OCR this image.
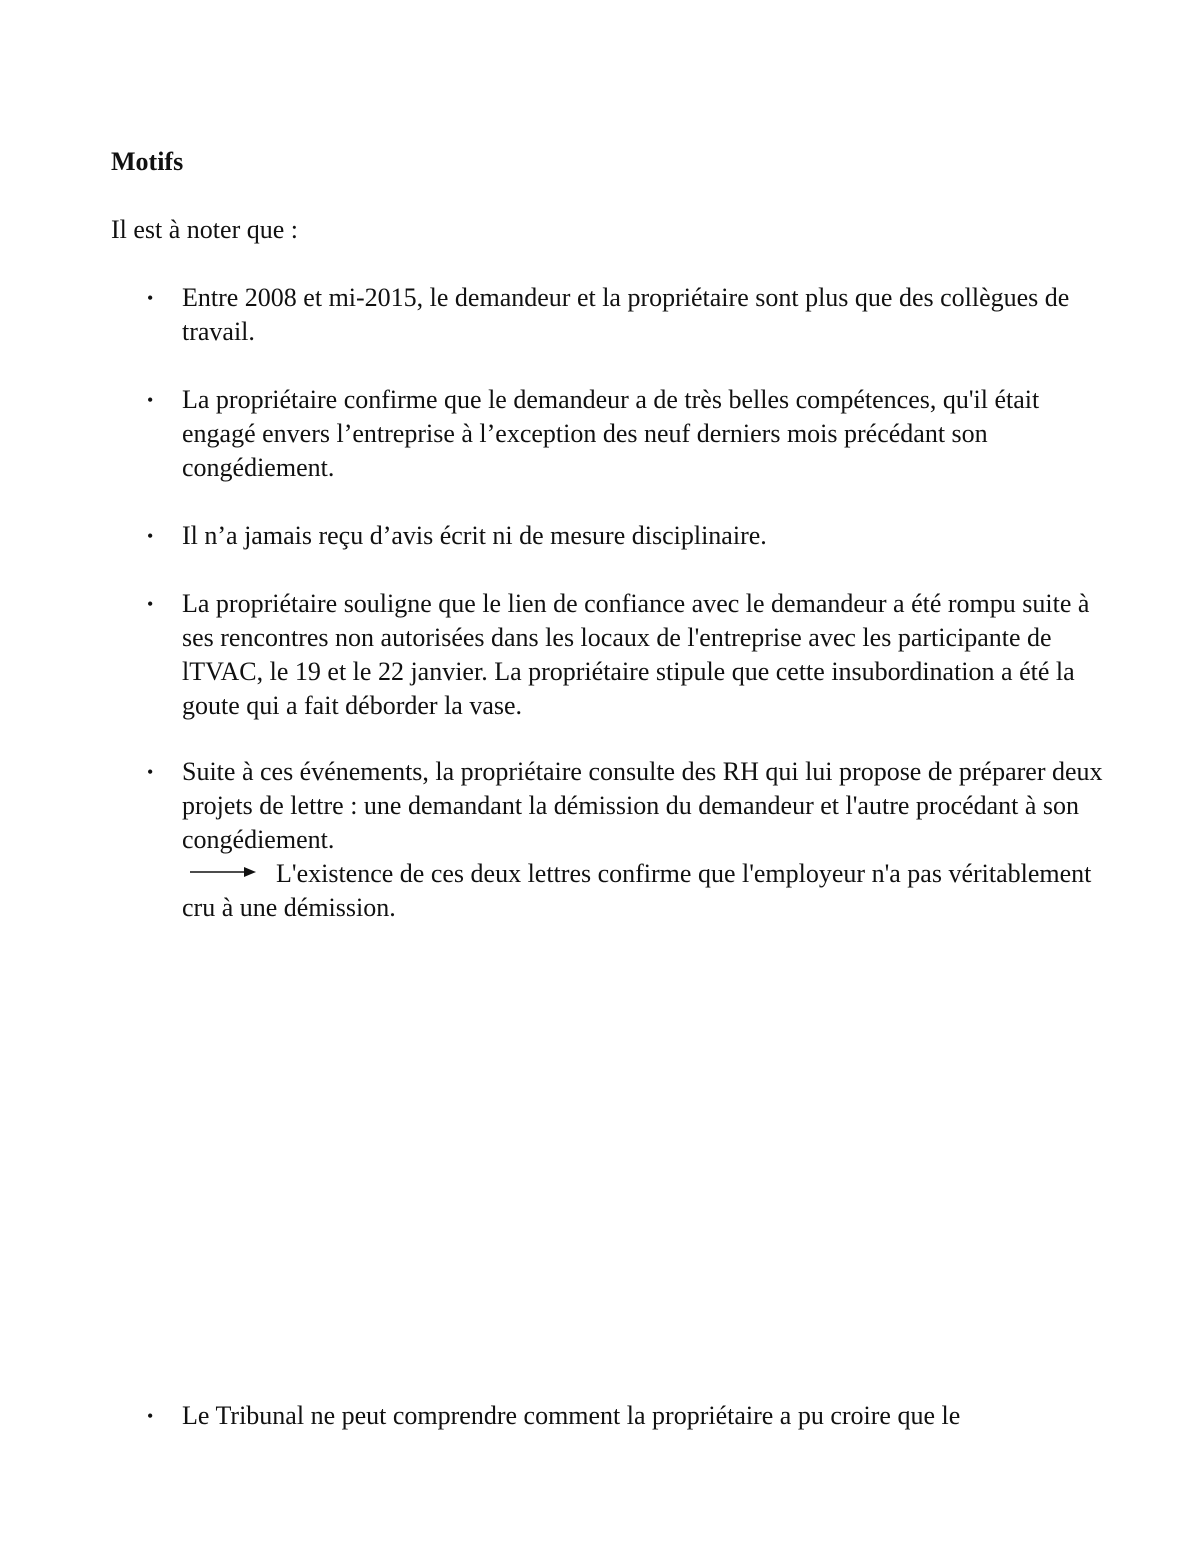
Motifs

Il est à noter que :

•	Entre 2008 et mi-2015, le demandeur et la propriétaire sont plus que des collègues de travail.

•	La propriétaire confirme que le demandeur a de très belles compétences, qu'il était engagé envers l’entreprise à l’exception des neuf derniers mois précédant son congédiement.

•	Il n’a jamais reçu d’avis écrit ni de mesure disciplinaire.

•	La propriétaire souligne que le lien de confiance avec le demandeur a été rompu suite à ses rencontres non autorisées dans les locaux de l'entreprise avec les participante de lTVAC, le 19 et le 22 janvier. La propriétaire stipule que cette insubordination a été la goute qui a fait déborder la vase.

•	Suite à ces événements, la propriétaire consulte des RH qui lui propose de préparer deux projets de lettre : une demandant la démission du demandeur et l'autre procédant à son congédiement.
L'existence de ces deux lettres confirme que l'employeur n'a pas véritablement cru à une démission.
•	Le Tribunal ne peut comprendre comment la propriétaire a pu croire que le
